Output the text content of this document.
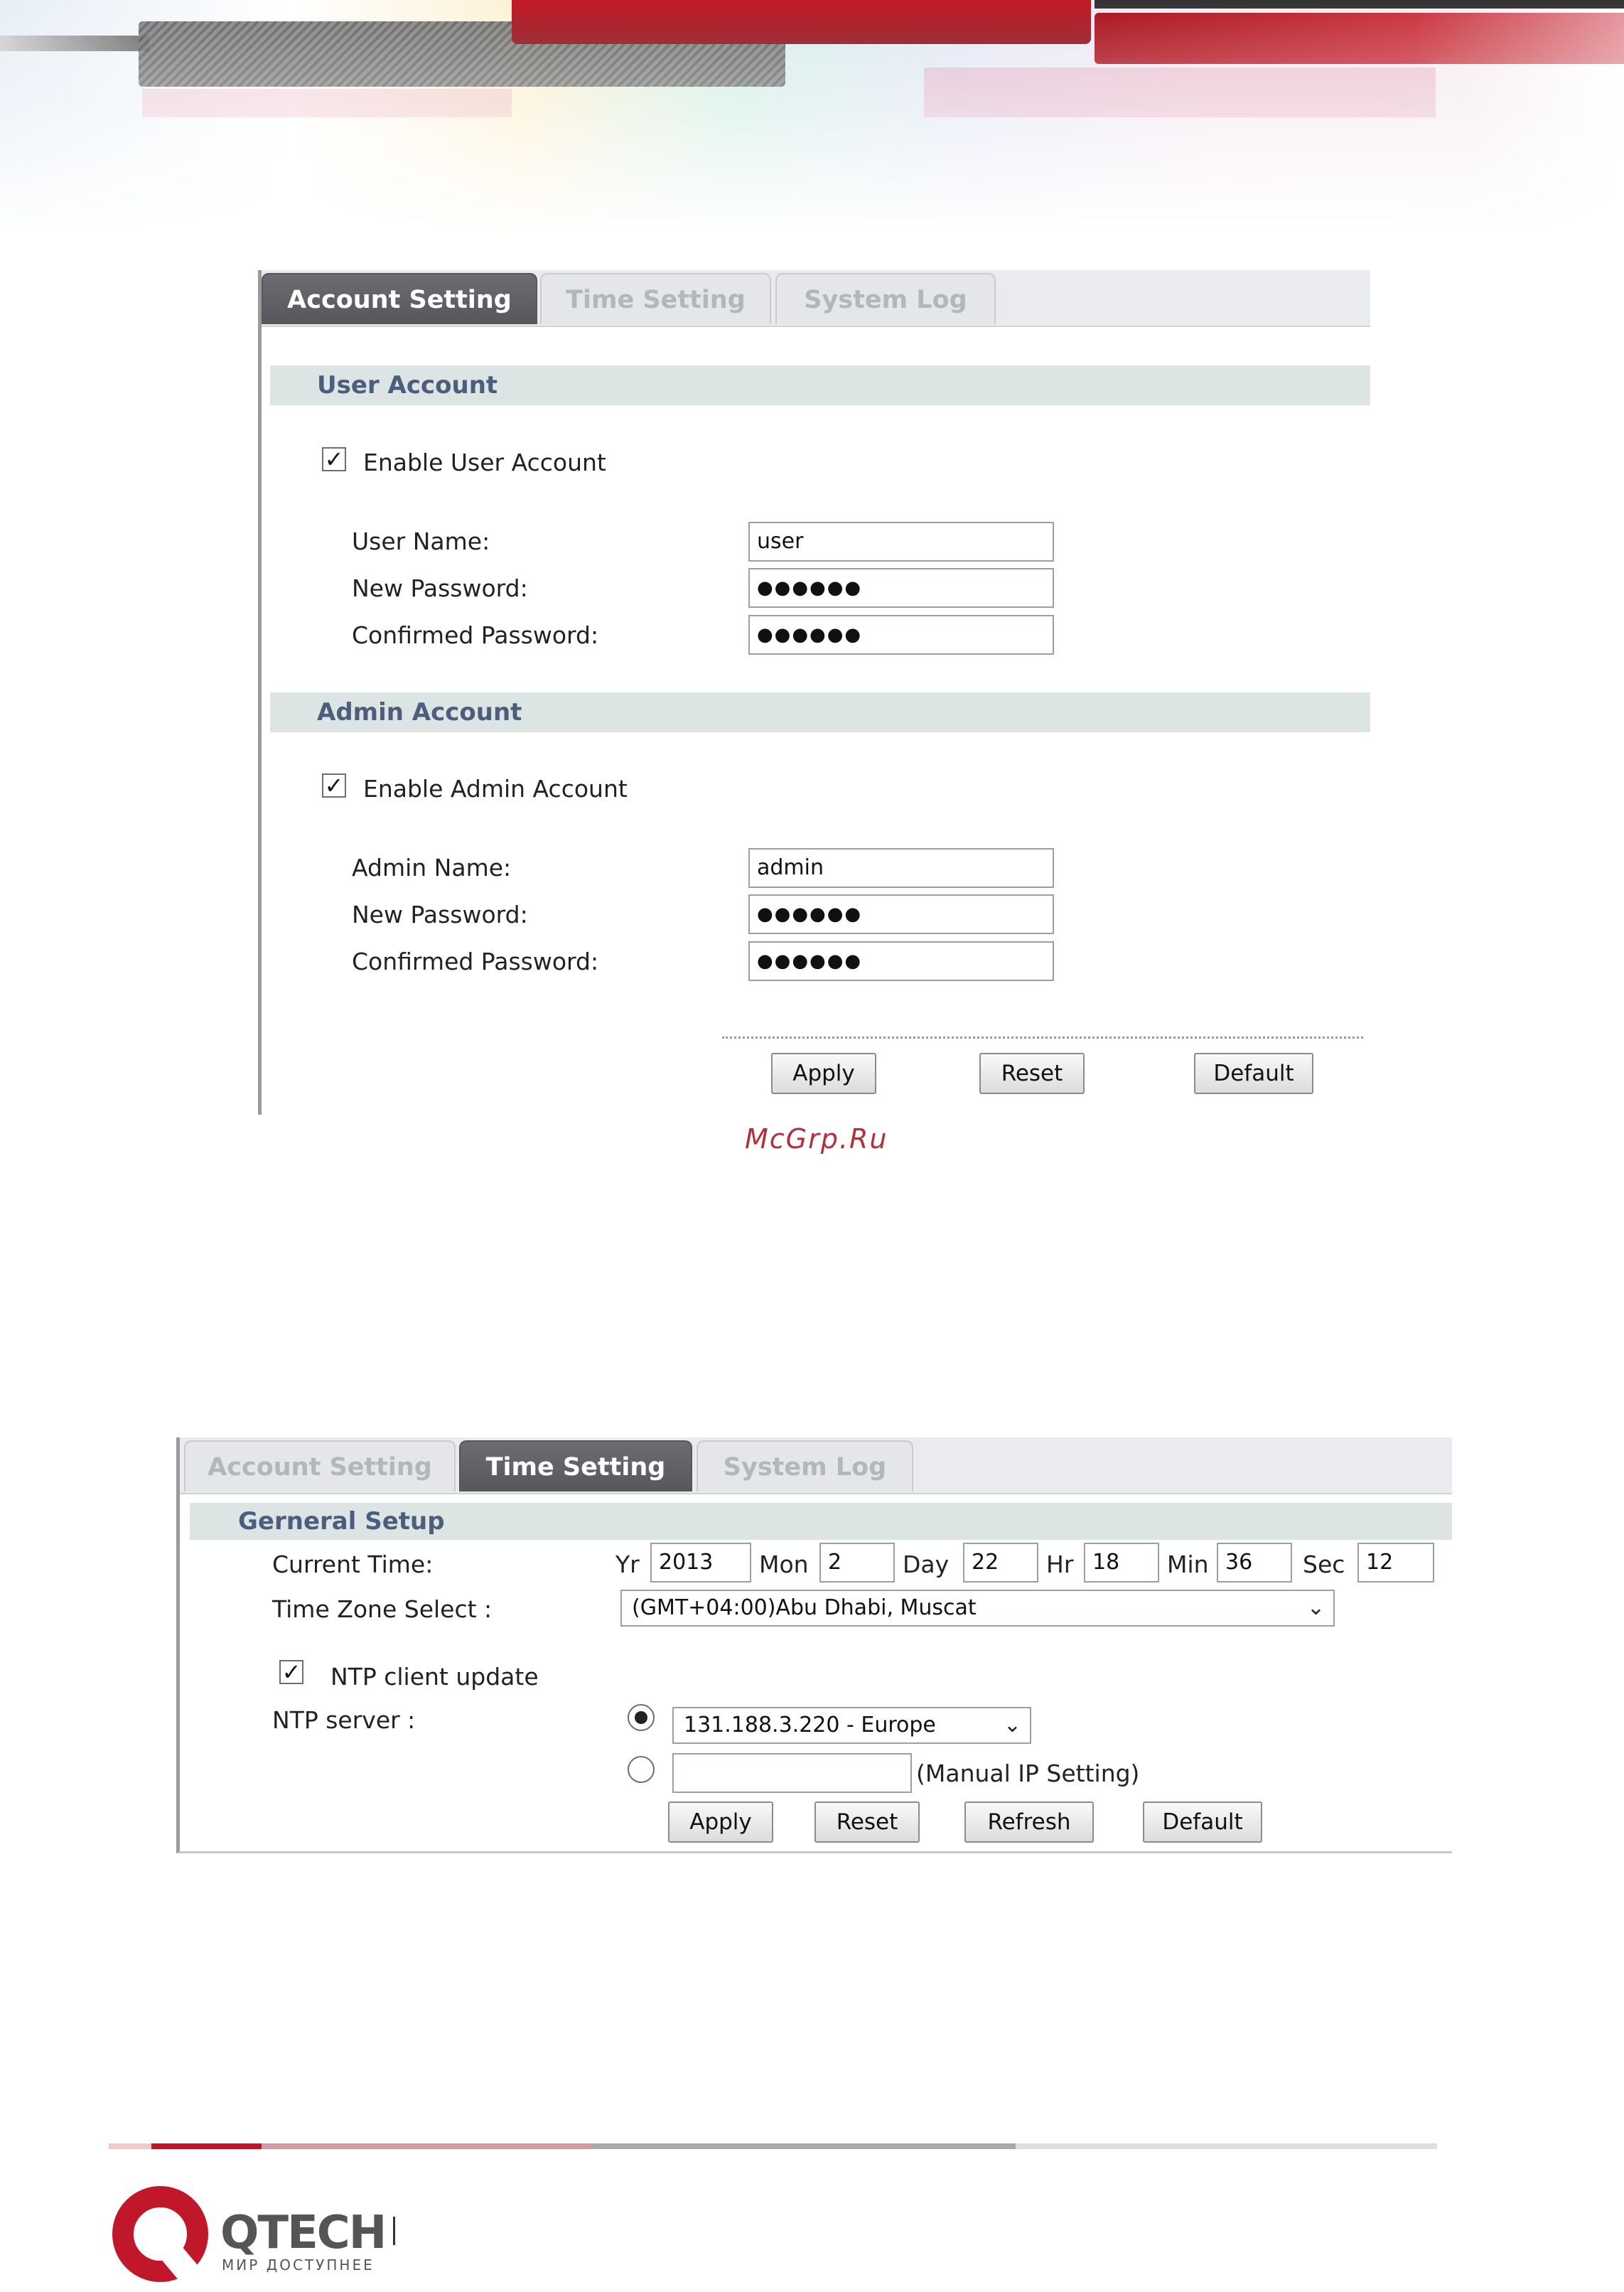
Account Setting	Time Setting	System Log
User Account
✓ Enable User Account
User Name:	user
New Password:	●●●●●●
Confirmed Password:	●●●●●●
Admin Account
✓ Enable Admin Account
Admin Name:	admin
New Password:	●●●●●●
Confirmed Password:	●●●●●●
Apply	Reset	Default
McGrp.Ru
Account Setting	Time Setting	System Log
Gerneral Setup
Current Time:	Yr 2013	Mon 2	Day	22	Hr 18	Min 36	Sec 12
Time Zone Select :	(GMT+04:00)Abu Dhabi, Muscat	⌄
✓ NTP client update
NTP server :	131.188.3.220 - Europe	⌄
(Manual IP Setting)
Apply	Reset	Refresh	Default
QTECH
МИР ДОСТУПНЕЕ
